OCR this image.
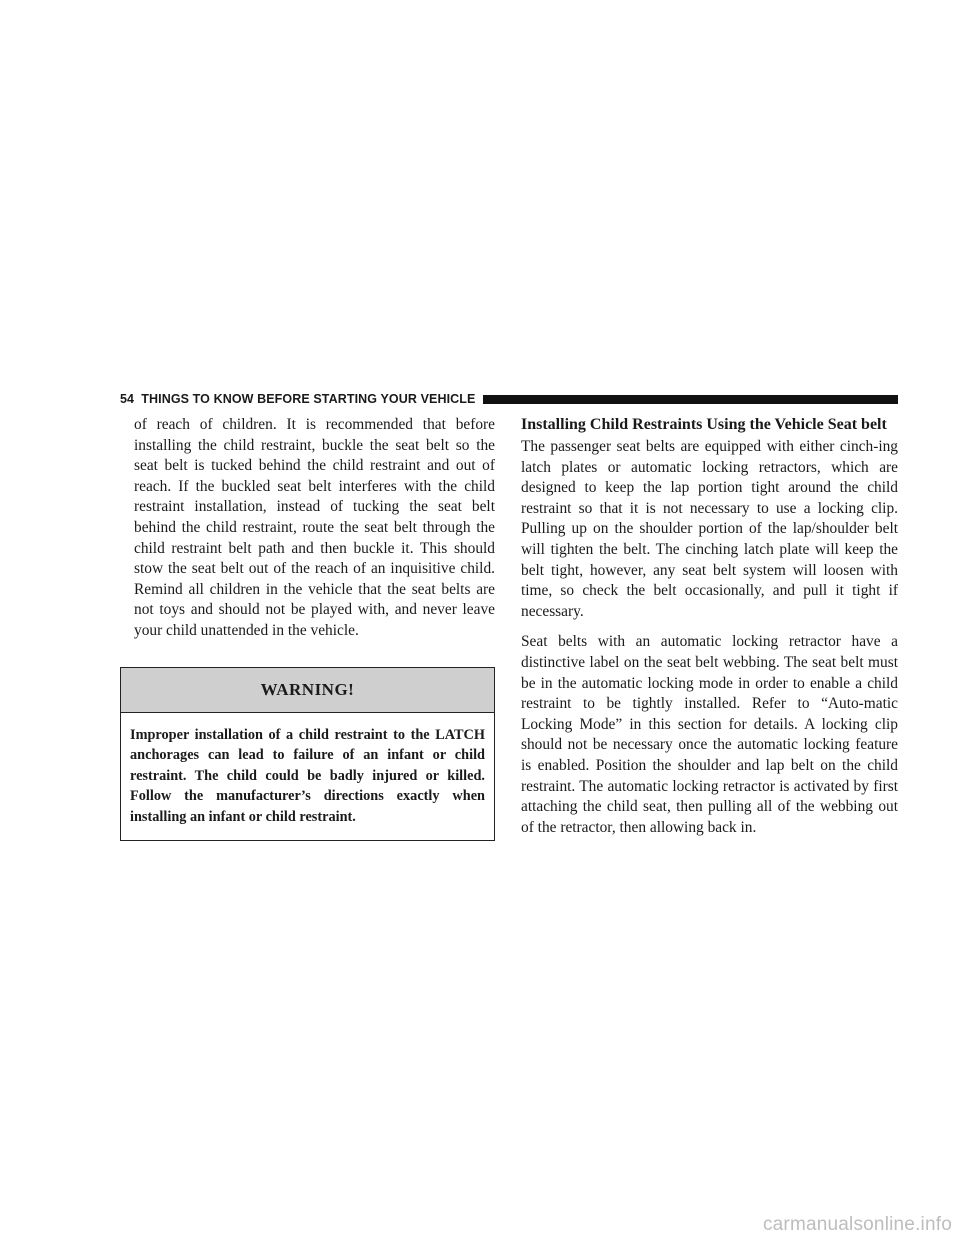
54 THINGS TO KNOW BEFORE STARTING YOUR VEHICLE

of reach of children. It is recommended that before installing the child restraint, buckle the seat belt so the seat belt is tucked behind the child restraint and out of reach. If the buckled seat belt interferes with the child restraint installation, instead of tucking the seat belt behind the child restraint, route the seat belt through the child restraint belt path and then buckle it. This should stow the seat belt out of the reach of an inquisitive child. Remind all children in the vehicle that the seat belts are not toys and should not be played with, and never leave your child unattended in the vehicle.

WARNING!

Improper installation of a child restraint to the LATCH anchorages can lead to failure of an infant or child restraint. The child could be badly injured or killed. Follow the manufacturer’s directions exactly when installing an infant or child restraint.

Installing Child Restraints Using the Vehicle Seat belt

The passenger seat belts are equipped with either cinch-ing latch plates or automatic locking retractors, which are designed to keep the lap portion tight around the child restraint so that it is not necessary to use a locking clip. Pulling up on the shoulder portion of the lap/shoulder belt will tighten the belt. The cinching latch plate will keep the belt tight, however, any seat belt system will loosen with time, so check the belt occasionally, and pull it tight if necessary.

Seat belts with an automatic locking retractor have a distinctive label on the seat belt webbing. The seat belt must be in the automatic locking mode in order to enable a child restraint to be tightly installed. Refer to “Auto-matic Locking Mode” in this section for details. A locking clip should not be necessary once the automatic locking feature is enabled. Position the shoulder and lap belt on the child restraint. The automatic locking retractor is activated by first attaching the child seat, then pulling all of the webbing out of the retractor, then allowing back in.

carmanualsonline.info
